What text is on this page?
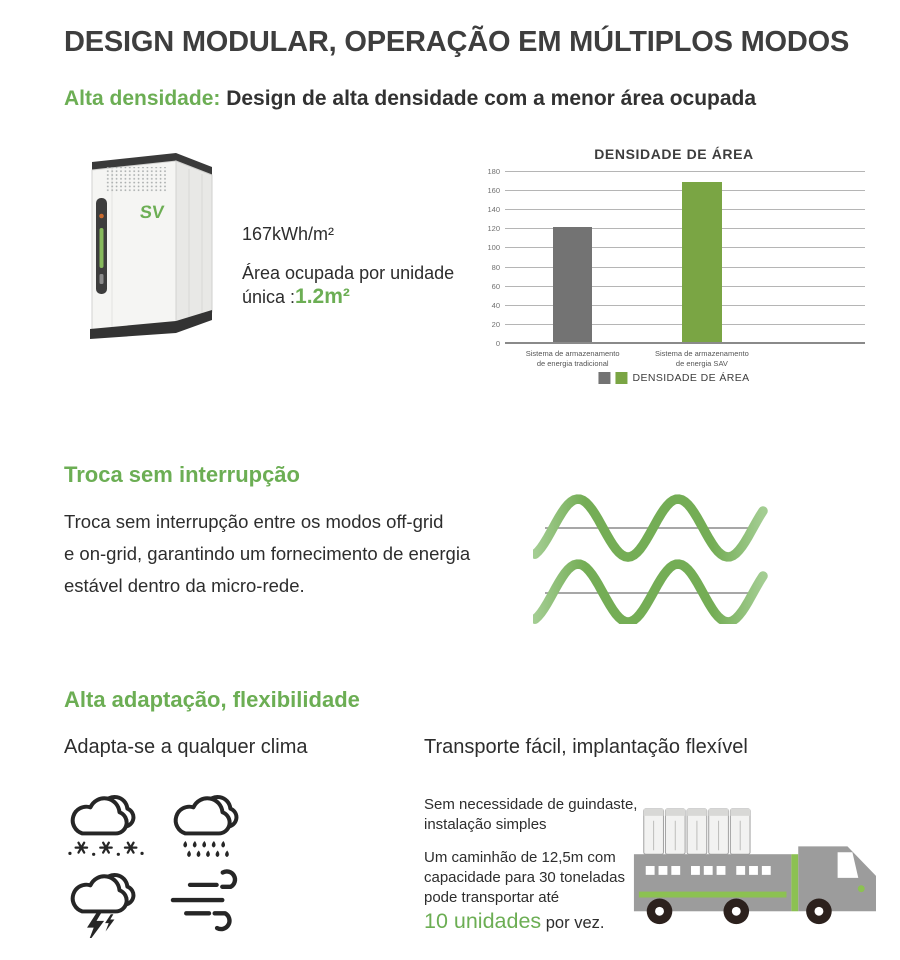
DESIGN MODULAR, OPERAÇÃO EM MÚLTIPLOS MODOS
Alta densidade: Design de alta densidade com a menor área ocupada
SV
167kWh/m²
Área ocupada por unidade
única :1.2m²
DENSIDADE DE ÁREA
0
20
40
60
80
100
120
140
160
180
Sistema de armazenamento
de energia tradicional
Sistema de armazenamento
de energia SAV
DENSIDADE DE ÁREA
Troca sem interrupção
Troca sem interrupção entre os modos off-grid
e on-grid, garantindo um fornecimento de energia
estável dentro da micro-rede.
Alta adaptação, flexibilidade
Adapta-se a qualquer clima	Transporte fácil, implantação flexível
Sem necessidade de guindaste,
instalação simples
Um caminhão de 12,5m com
capacidade para 30 toneladas
pode transportar até
10 unidades por vez.
